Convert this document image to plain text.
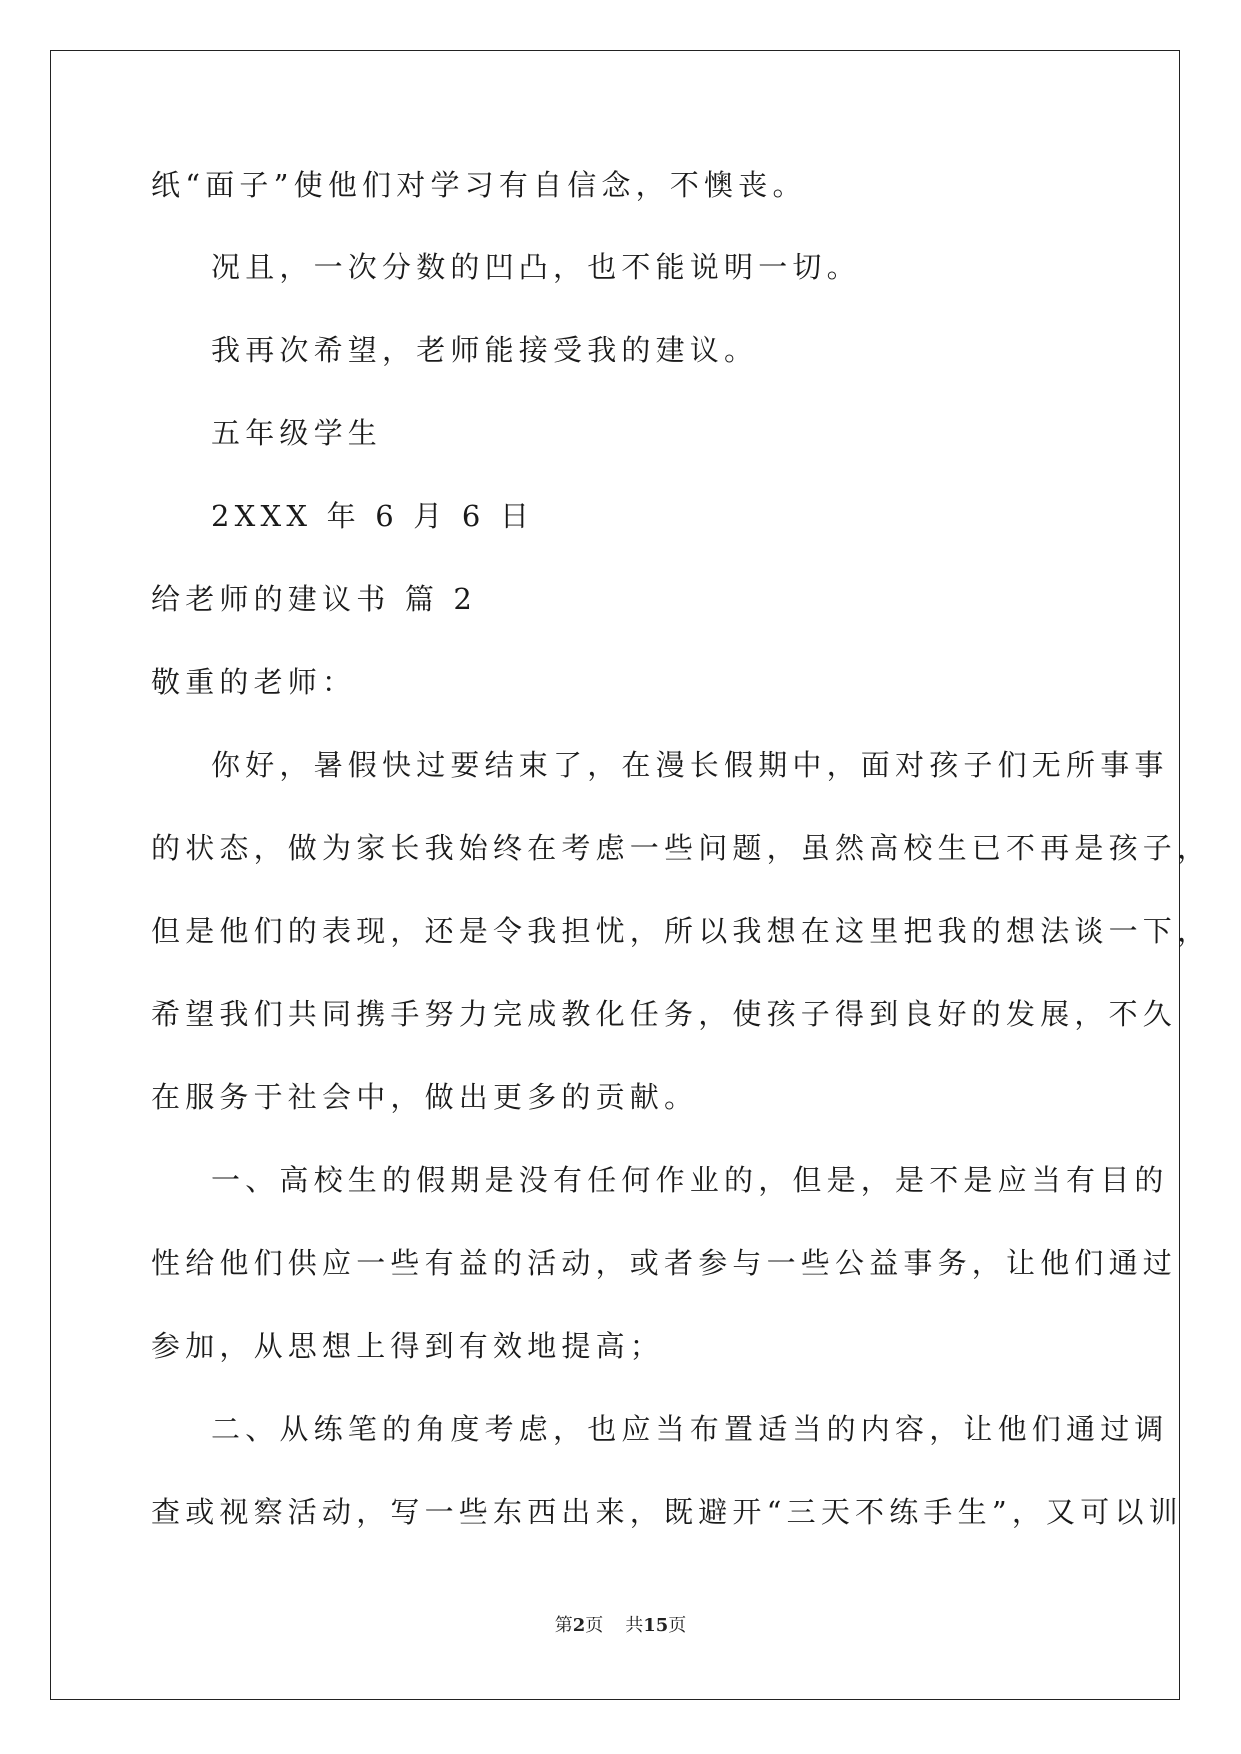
纸“面子”使他们对学习有自信念，不懊丧。
况且，一次分数的凹凸，也不能说明一切。
我再次希望，老师能接受我的建议。
五年级学生
2XXX 年 6 月 6 日
给老师的建议书 篇 2
敬重的老师：
你好，暑假快过要结束了，在漫长假期中，面对孩子们无所事事
的状态，做为家长我始终在考虑一些问题，虽然高校生已不再是孩子，
但是他们的表现，还是令我担忧，所以我想在这里把我的想法谈一下，
希望我们共同携手努力完成教化任务，使孩子得到良好的发展，不久
在服务于社会中，做出更多的贡献。
一、高校生的假期是没有任何作业的，但是，是不是应当有目的
性给他们供应一些有益的活动，或者参与一些公益事务，让他们通过
参加，从思想上得到有效地提高；
二、从练笔的角度考虑，也应当布置适当的内容，让他们通过调
查或视察活动，写一些东西出来，既避开“三天不练手生”，又可以训
第2页 共15页
